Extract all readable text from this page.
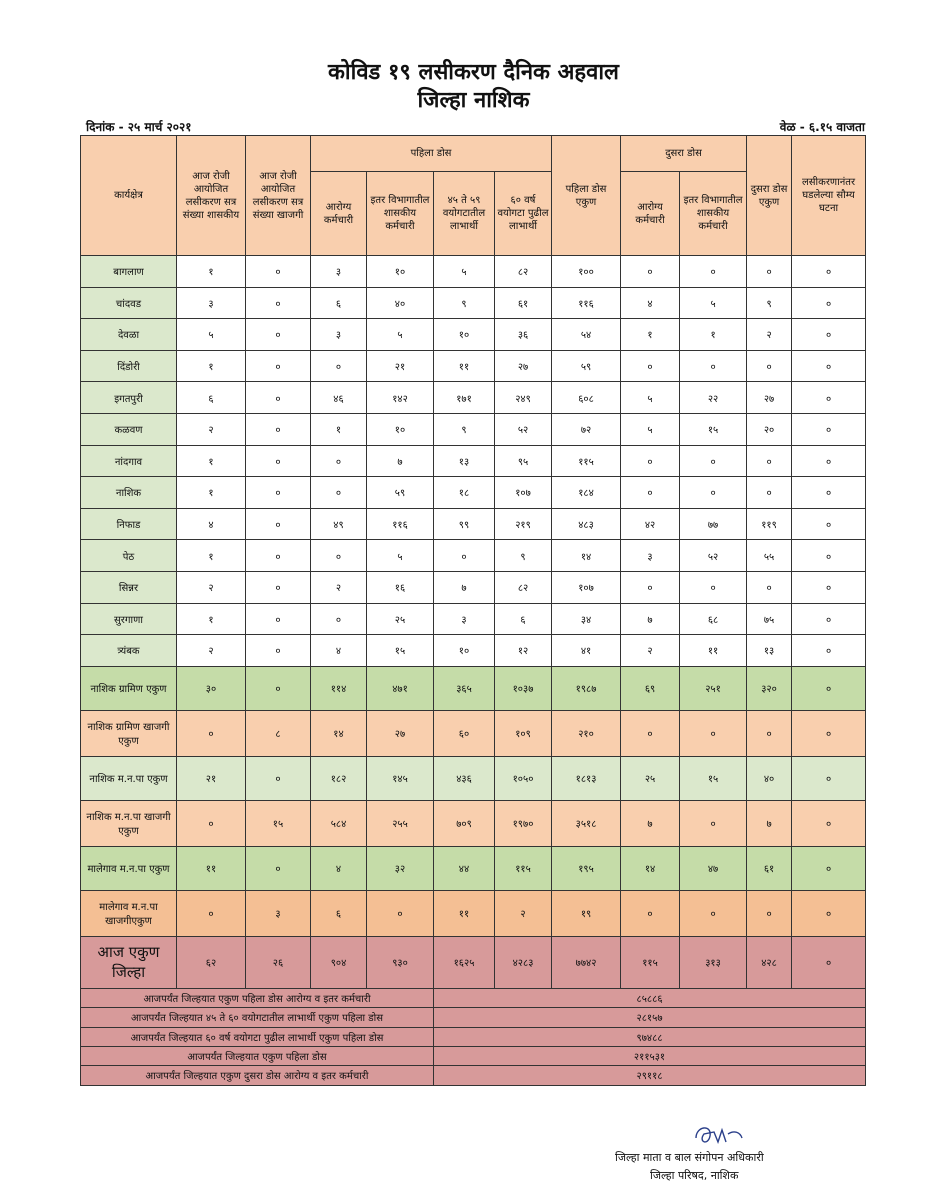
कोविड १९ लसीकरण दैनिक अहवाल
जिल्हा नाशिक
दिनांक - २५ मार्च २०२१	वेळ - ६.१५ वाजता
कार्यक्षेत्र	आज रोजी आयोजित लसीकरण सत्र संख्या शासकीय	आज रोजी आयोजित लसीकरण सत्र संख्या खाजगी	पहिला डोस				पहिला डोस एकुण	दुसरा डोस		दुसरा डोस एकुण	लसीकरणानंतर घडलेल्या सौम्य घटना
			आरोग्य कर्मचारी	इतर विभागातील शासकीय कर्मचारी	४५ ते ५९ वयोगटातील लाभार्थी	६० वर्ष वयोगटा पुढील लाभार्थी		आरोग्य कर्मचारी	इतर विभागातील शासकीय कर्मचारी		
बागलाण	१	०	३	१०	५	८२	१००	०	०	०	०
चांदवड	३	०	६	४०	९	६१	११६	४	५	९	०
देवळा	५	०	३	५	१०	३६	५४	१	१	२	०
दिंडोरी	१	०	०	२१	११	२७	५९	०	०	०	०
इगतपुरी	६	०	४६	१४२	१७१	२४९	६०८	५	२२	२७	०
कळवण	२	०	१	१०	९	५२	७२	५	१५	२०	०
नांदगाव	१	०	०	७	१३	९५	११५	०	०	०	०
नाशिक	१	०	०	५९	१८	१०७	१८४	०	०	०	०
निफाड	४	०	४९	११६	९९	२१९	४८३	४२	७७	११९	०
पेठ	१	०	०	५	०	९	१४	३	५२	५५	०
सिन्नर	२	०	२	१६	७	८२	१०७	०	०	०	०
सुरगाणा	१	०	०	२५	३	६	३४	७	६८	७५	०
त्र्यंबक	२	०	४	१५	१०	१२	४१	२	११	१३	०
नाशिक ग्रामिण एकुण	३०	०	११४	४७१	३६५	१०३७	१९८७	६९	२५१	३२०	०
नाशिक ग्रामिण खाजगी एकुण	०	८	१४	२७	६०	१०९	२१०	०	०	०	०
नाशिक म.न.पा एकुण	२१	०	१८२	१४५	४३६	१०५०	१८१३	२५	१५	४०	०
नाशिक म.न.पा खाजगी एकुण	०	१५	५८४	२५५	७०९	१९७०	३५१८	७	०	७	०
मालेगाव म.न.पा एकुण	११	०	४	३२	४४	११५	१९५	१४	४७	६१	०
मालेगाव म.न.पा खाजगीएकुण	०	३	६	०	११	२	१९	०	०	०	०
आज एकुण जिल्हा	६२	२६	९०४	९३०	१६२५	४२८३	७७४२	११५	३१३	४२८	०
आजपर्यंत जिल्हयात एकुण पहिला डोस आरोग्य व इतर कर्मचारी					८५८८६						
आजपर्यंत जिल्हयात ४५ ते ६० वयोगटातील लाभार्थी एकुण पहिला डोस					२८१५७						
आजपर्यंत जिल्हयात ६० वर्ष वयोगटा पुढील लाभार्थी एकुण पहिला डोस					९७४८८						
आजपर्यंत जिल्हयात एकुण पहिला डोस					२११५३१						
आजपर्यंत जिल्हयात एकुण दुसरा डोस आरोग्य व इतर कर्मचारी					२९११८						
जिल्हा माता व बाल संगोपन अधिकारी
जिल्हा परिषद, नाशिक
